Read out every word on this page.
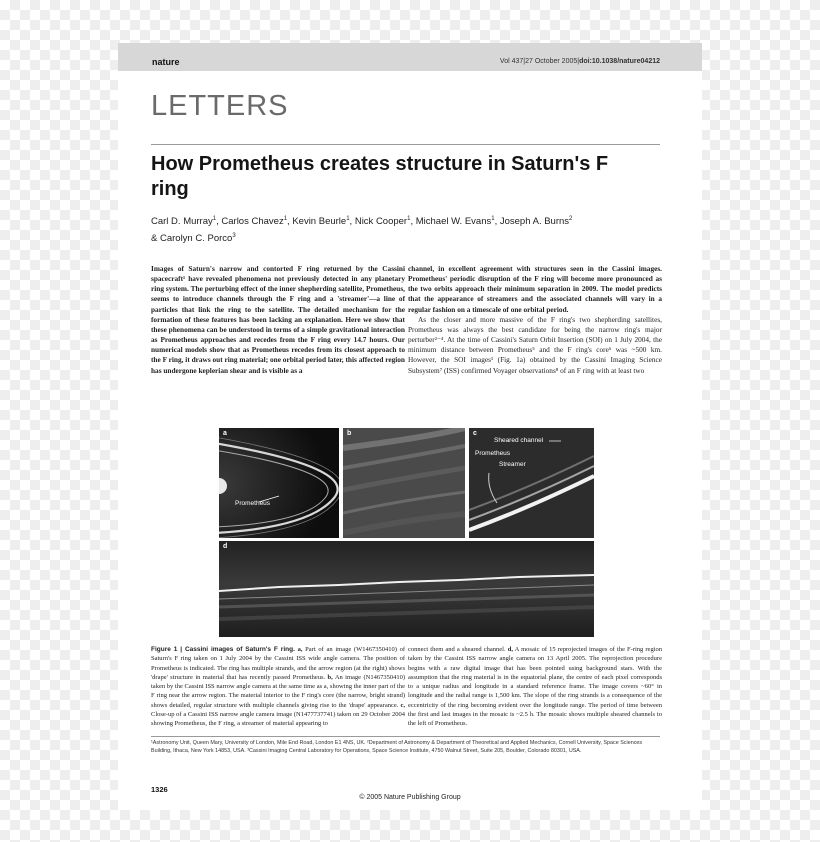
nature	Vol 437|27 October 2005|doi:10.1038/nature04212
LETTERS
How Prometheus creates structure in Saturn's F ring
Carl D. Murray$^1$, Carlos Chavez$^1$, Kevin Beurle$^1$, Nick Cooper$^1$, Michael W. Evans$^1$, Joseph A. Burns$^2$
& Carolyn C. Porco$^3$

Images of Saturn's narrow and contorted F ring returned by the Cassini spacecraft¹ have revealed phenomena not previously detected in any planetary ring system. The perturbing effect of the inner shepherding satellite, Prometheus, seems to introduce channels through the F ring and a 'streamer'—a line of particles that link the ring to the satellite. The detailed mechanism for the formation of these features has been lacking an explanation. Here we show that these phenomena can be understood in terms of a simple gravitational interaction as Prometheus approaches and recedes from the F ring every 14.7 hours. Our numerical models show that as Prometheus recedes from its closest approach to the F ring, it draws out ring material; one orbital period later, this affected region has undergone keplerian shear and is visible as a

channel, in excellent agreement with structures seen in the Cassini images. Prometheus' periodic disruption of the F ring will become more pronounced as the two orbits approach their minimum separation in 2009. The model predicts that the appearance of streamers and the associated channels will vary in a regular fashion on a timescale of one orbital period.

As the closer and more massive of the F ring's two shepherding satellites, Prometheus was always the best candidate for being the narrow ring's major perturber²⁻⁴. At the time of Cassini's Saturn Orbit Insertion (SOI) on 1 July 2004, the minimum distance between Prometheus⁵ and the F ring's core⁶ was ~500 km. However, the SOI images¹ (Fig. 1a) obtained by the Cassini Imaging Science Subsystem⁷ (ISS) confirmed Voyager observations⁸ of an F ring with at least two

a
Prometheus
b	c
Sheared channel
Prometheus
Streamer
d
Figure 1 | Cassini images of Saturn's F ring. a, Part of an image (W1467350410) of Saturn's F ring taken on 1 July 2004 by the Cassini ISS wide angle camera. The position of Prometheus is indicated. The ring has multiple strands, and the arrow region (at the right) shows 'drape' structure in material that has recently passed Prometheus. b, An image (N1467350410) taken by the Cassini ISS narrow angle camera at the same time as a, showing the inner part of the F ring near the arrow region. The material interior to the F ring's core (the narrow, bright strand) shows detailed, regular structure with multiple channels giving rise to the 'drape' appearance. c, Close-up of a Cassini ISS narrow angle camera image (N1477737741) taken on 29 October 2004 showing Prometheus, the F ring, a streamer of material appearing to
connect them and a sheared channel. d, A mosaic of 15 reprojected images of the F-ring region taken by the Cassini ISS narrow angle camera on 13 April 2005. The reprojection procedure begins with a raw digital image that has been pointed using background stars. With the assumption that the ring material is in the equatorial plane, the centre of each pixel corresponds to a unique radius and longitude in a standard reference frame. The image covers ~60° in longitude and the radial range is 1,500 km. The slope of the ring strands is a consequence of the eccentricity of the ring becoming evident over the longitude range. The period of time between the first and last images in the mosaic is ~2.5 h. The mosaic shows multiple sheared channels to the left of Prometheus.
¹Astronomy Unit, Queen Mary, University of London, Mile End Road, London E1 4NS, UK. ²Department of Astronomy & Department of Theoretical and Applied Mechanics, Cornell University, Space Sciences Building, Ithaca, New York 14853, USA. ³Cassini Imaging Central Laboratory for Operations, Space Science Institute, 4750 Walnut Street, Suite 205, Boulder, Colorado 80301, USA.
1326
© 2005 Nature Publishing Group
